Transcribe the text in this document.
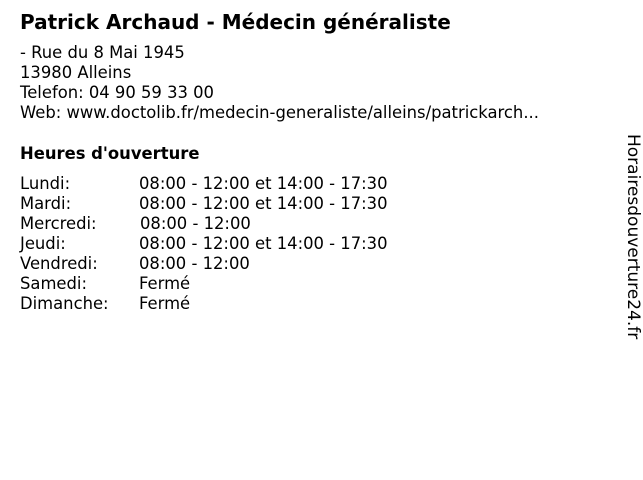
Patrick Archaud - Médecin généraliste
- Rue du 8 Mai 1945
13980 Alleins
Telefon: 04 90 59 33 00
Web: www.doctolib.fr/medecin-generaliste/alleins/patrickarch...
Heures d'ouverture
Lundi:	08:00 - 12:00 et 14:00 - 17:30
Mardi:	08:00 - 12:00 et 14:00 - 17:30
Mercredi:	08:00 - 12:00
Jeudi:	08:00 - 12:00 et 14:00 - 17:30
Vendredi:	08:00 - 12:00
Samedi:	Fermé
Dimanche: Fermé	Horairesdouverture24.fr
